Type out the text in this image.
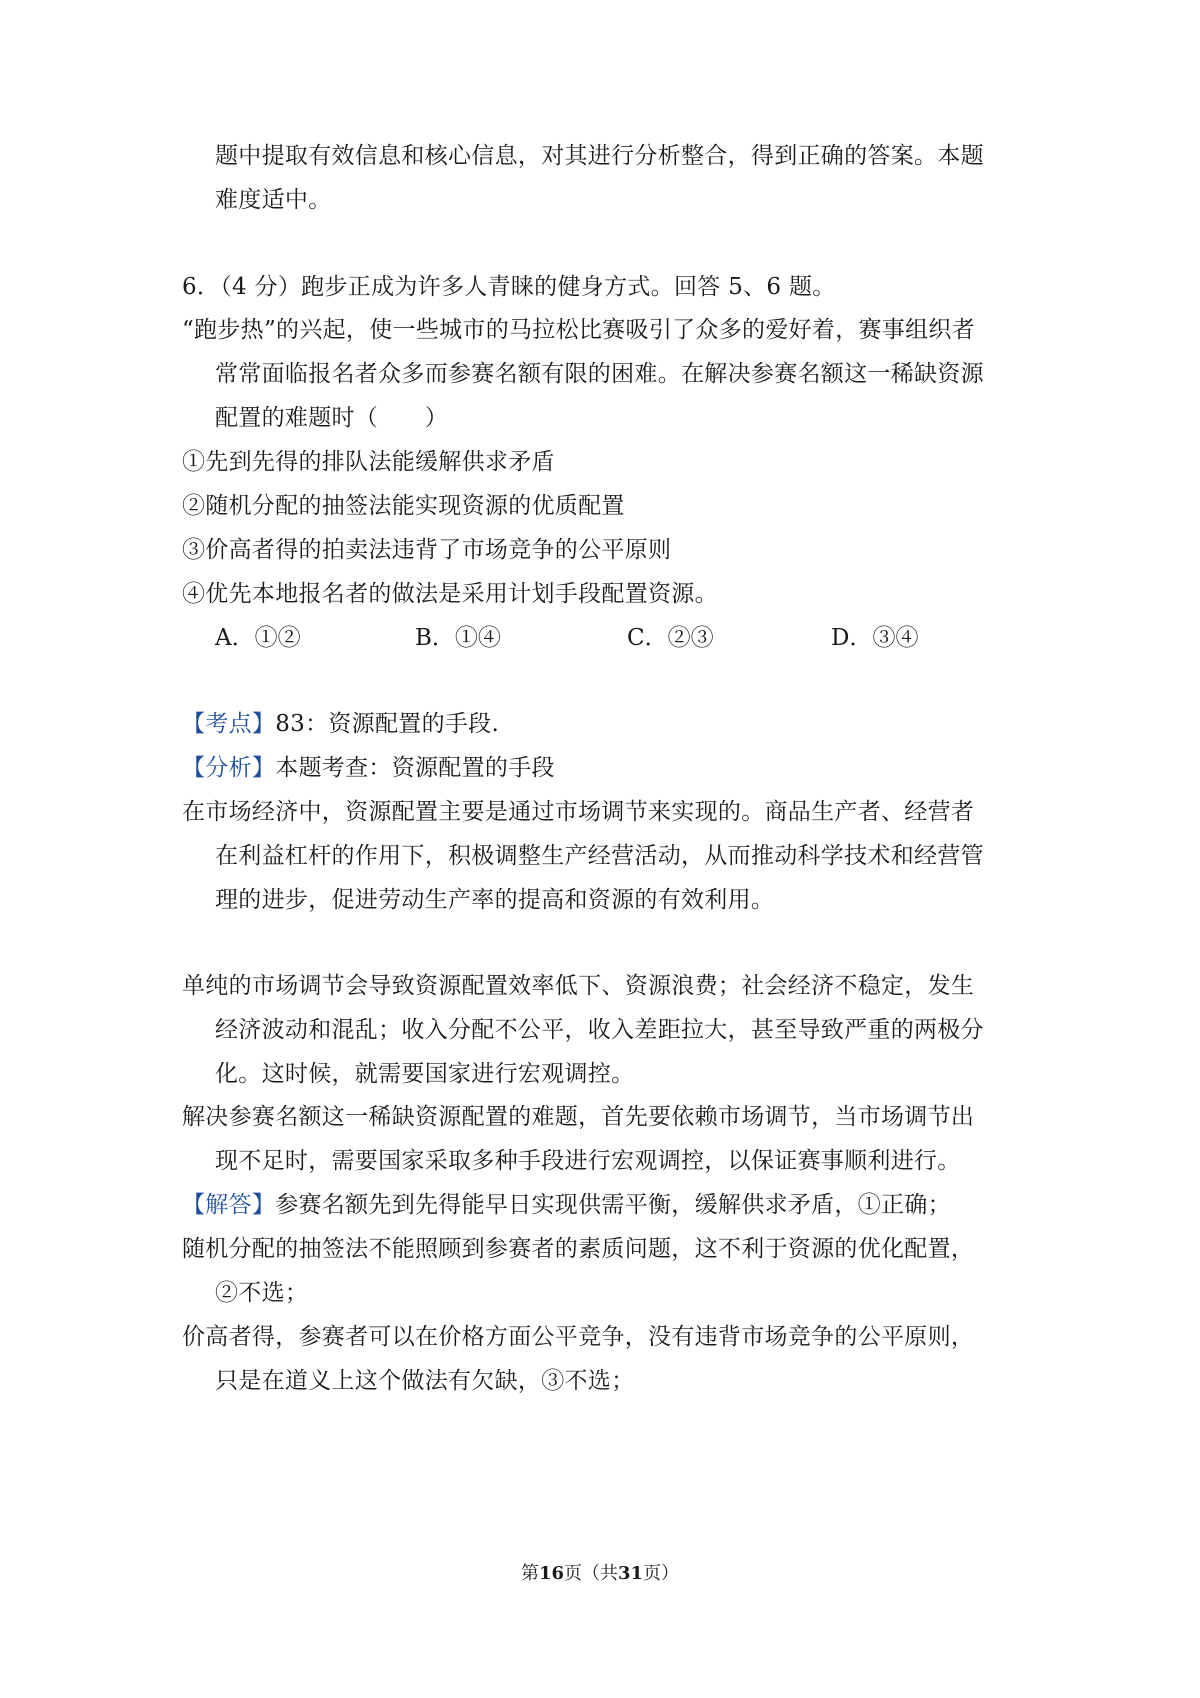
题中提取有效信息和核心信息，对其进行分析整合，得到正确的答案。本题
难度适中。
6．（4 分）跑步正成为许多人青睐的健身方式。回答 5、6 题。
“跑步热”的兴起，使一些城市的马拉松比赛吸引了众多的爱好着，赛事组织者
常常面临报名者众多而参赛名额有限的困难。在解决参赛名额这一稀缺资源
配置的难题时（　　）
①先到先得的排队法能缓解供求矛盾
②随机分配的抽签法能实现资源的优质配置
③价高者得的拍卖法违背了市场竞争的公平原则
④优先本地报名者的做法是采用计划手段配置资源。
A．①②	B．①④	C．②③	D．③④
【考点】83：资源配置的手段.
【分析】本题考查：资源配置的手段
在市场经济中，资源配置主要是通过市场调节来实现的。商品生产者、经营者
在利益杠杆的作用下，积极调整生产经营活动，从而推动科学技术和经营管
理的进步，促进劳动生产率的提高和资源的有效利用。
单纯的市场调节会导致资源配置效率低下、资源浪费；社会经济不稳定，发生
经济波动和混乱；收入分配不公平，收入差距拉大，甚至导致严重的两极分
化。这时候，就需要国家进行宏观调控。
解决参赛名额这一稀缺资源配置的难题，首先要依赖市场调节，当市场调节出
现不足时，需要国家采取多种手段进行宏观调控，以保证赛事顺利进行。
【解答】参赛名额先到先得能早日实现供需平衡，缓解供求矛盾，①正确；
随机分配的抽签法不能照顾到参赛者的素质问题，这不利于资源的优化配置，
②不选；
价高者得，参赛者可以在价格方面公平竞争，没有违背市场竞争的公平原则，
只是在道义上这个做法有欠缺，③不选；
第16页（共31页）
